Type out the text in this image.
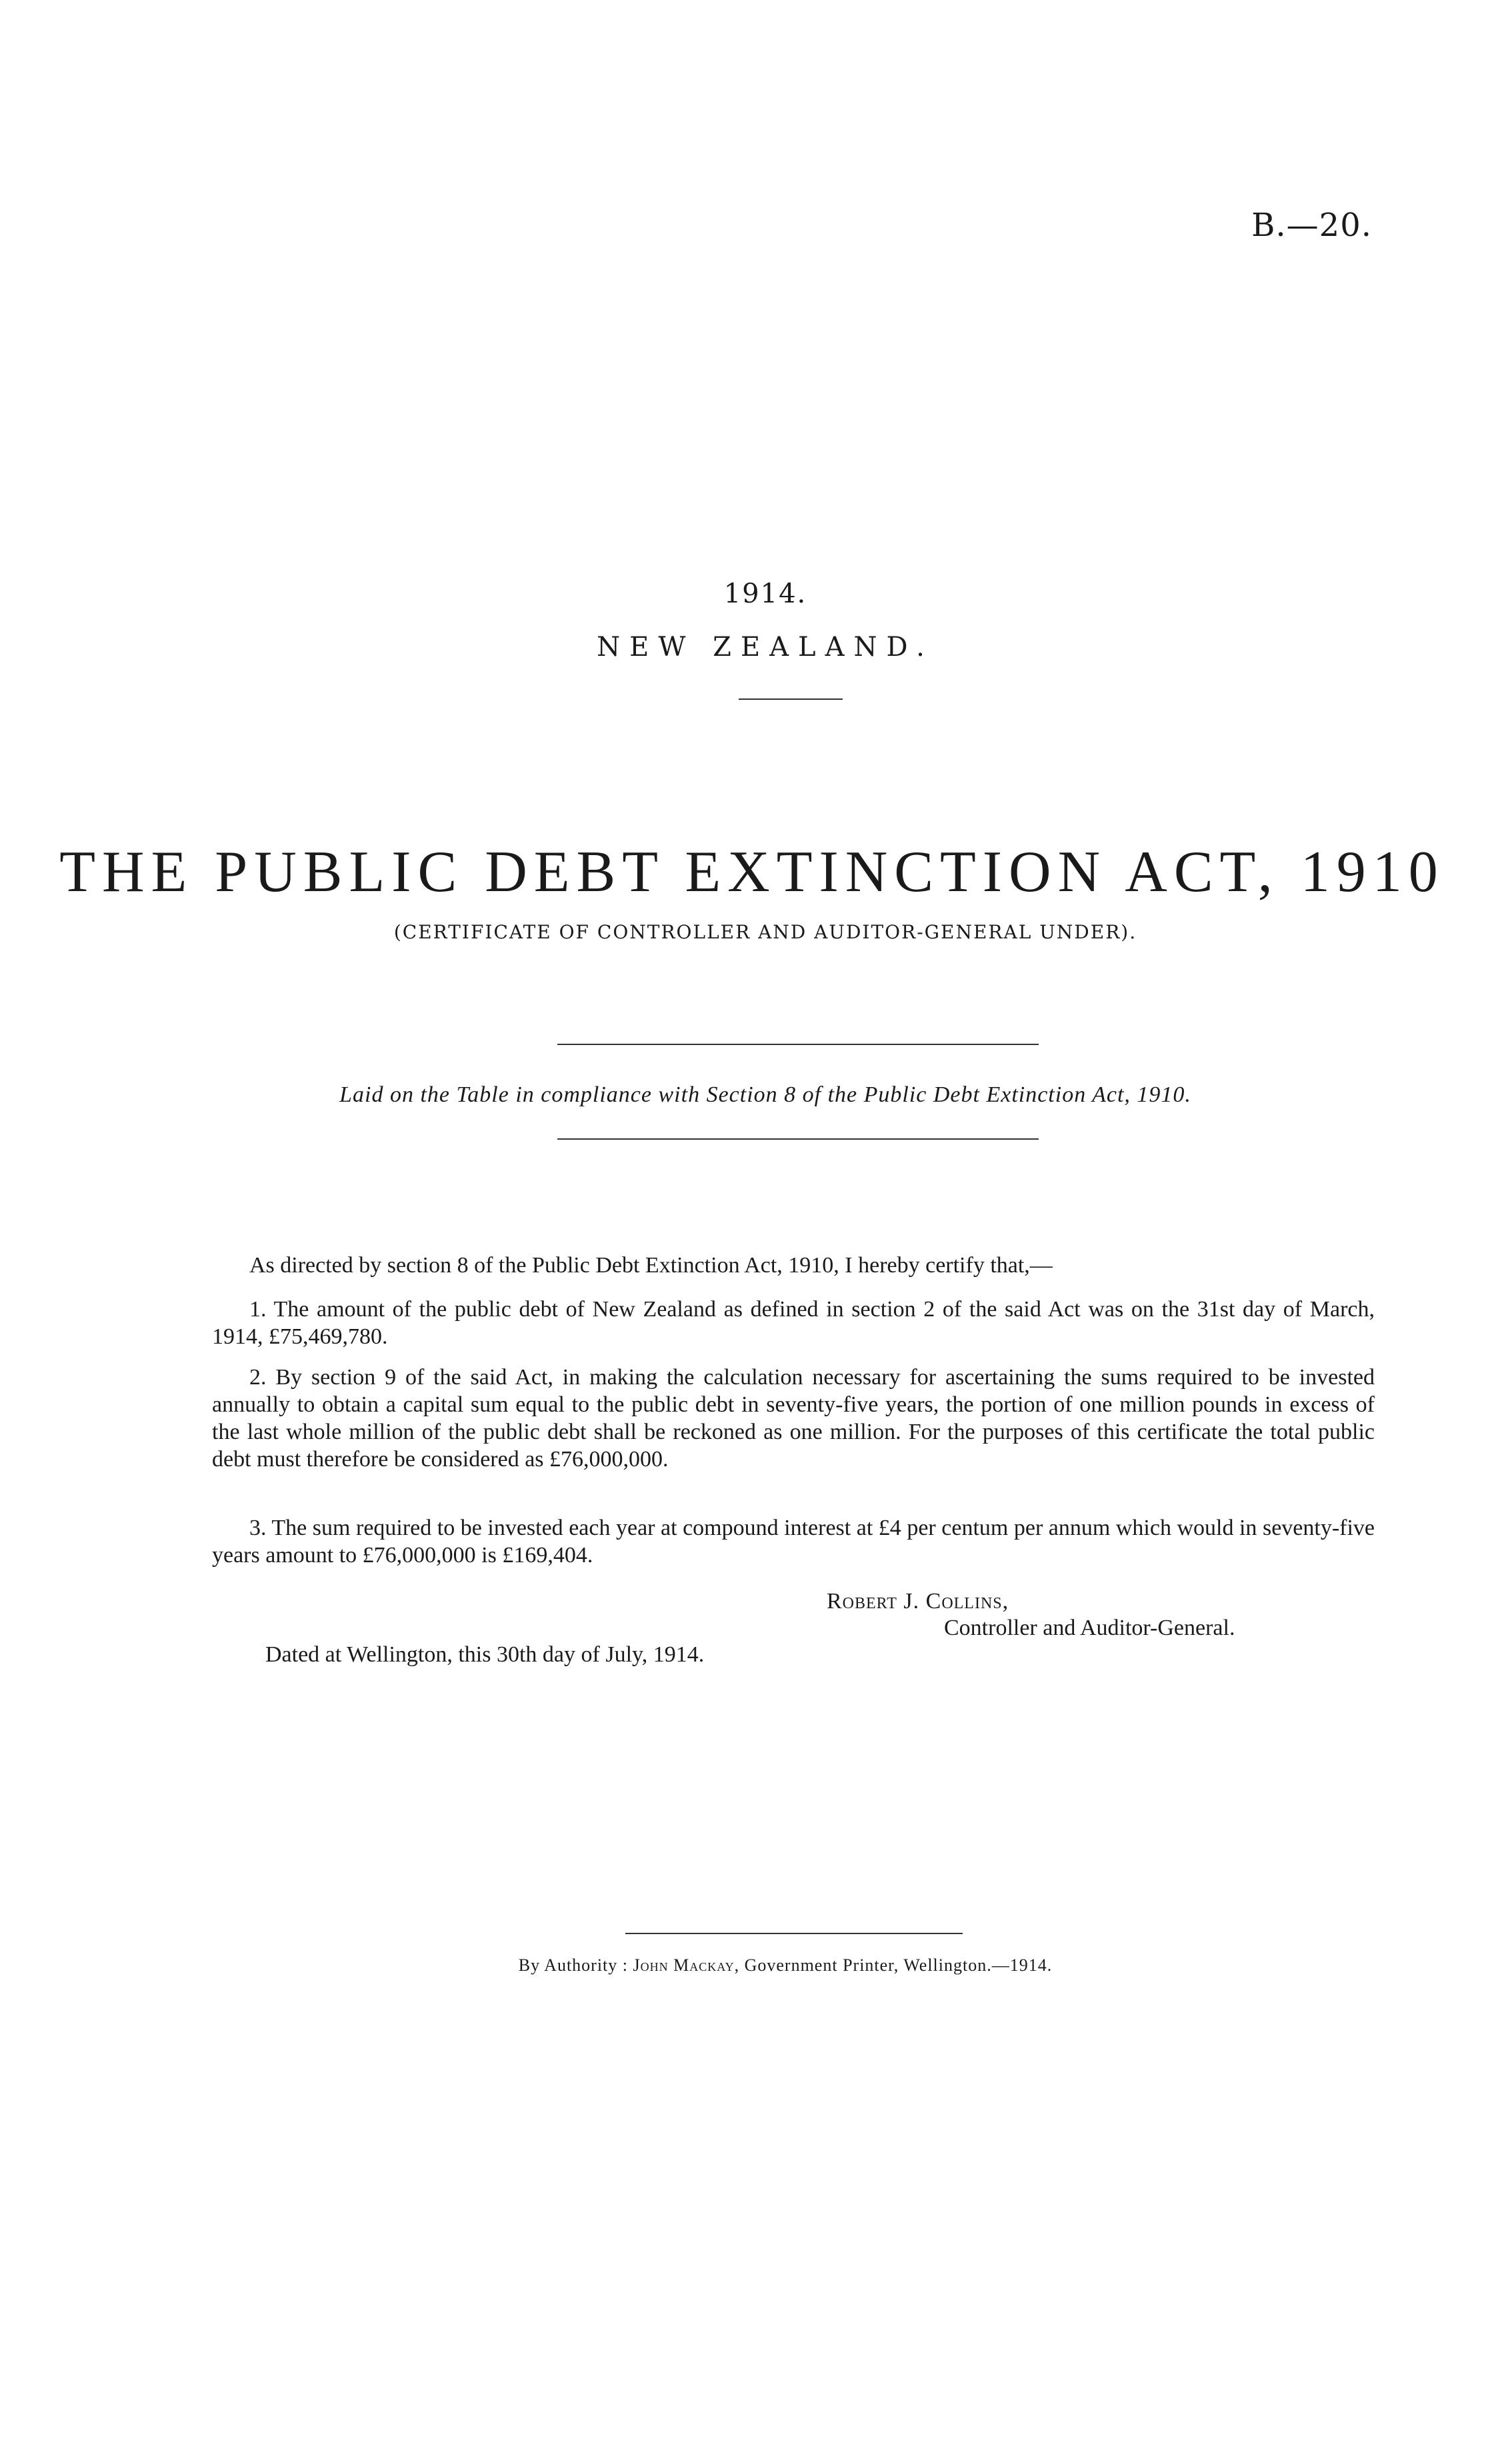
B.—20.
1914.
NEW ZEALAND.
THE PUBLIC DEBT EXTINCTION ACT, 1910
(CERTIFICATE OF CONTROLLER AND AUDITOR-GENERAL UNDER).
Laid on the Table in compliance with Section 8 of the Public Debt Extinction Act, 1910.

As directed by section 8 of the Public Debt Extinction Act, 1910, I hereby certify that,—

1. The amount of the public debt of New Zealand as defined in section 2 of the said Act was on the 31st day of March, 1914, £75,469,780.

2. By section 9 of the said Act, in making the calculation necessary for ascertaining the sums required to be invested annually to obtain a capital sum equal to the public debt in seventy-five years, the portion of one million pounds in excess of the last whole million of the public debt shall be reckoned as one million. For the purposes of this certificate the total public debt must therefore be considered as £76,000,000.

3. The sum required to be invested each year at compound interest at £4 per centum per annum which would in seventy-five years amount to £76,000,000 is £169,404.

Robert J. Collins,
Controller and Auditor-General.
Dated at Wellington, this 30th day of July, 1914.
By Authority : John Mackay, Government Printer, Wellington.—1914.
